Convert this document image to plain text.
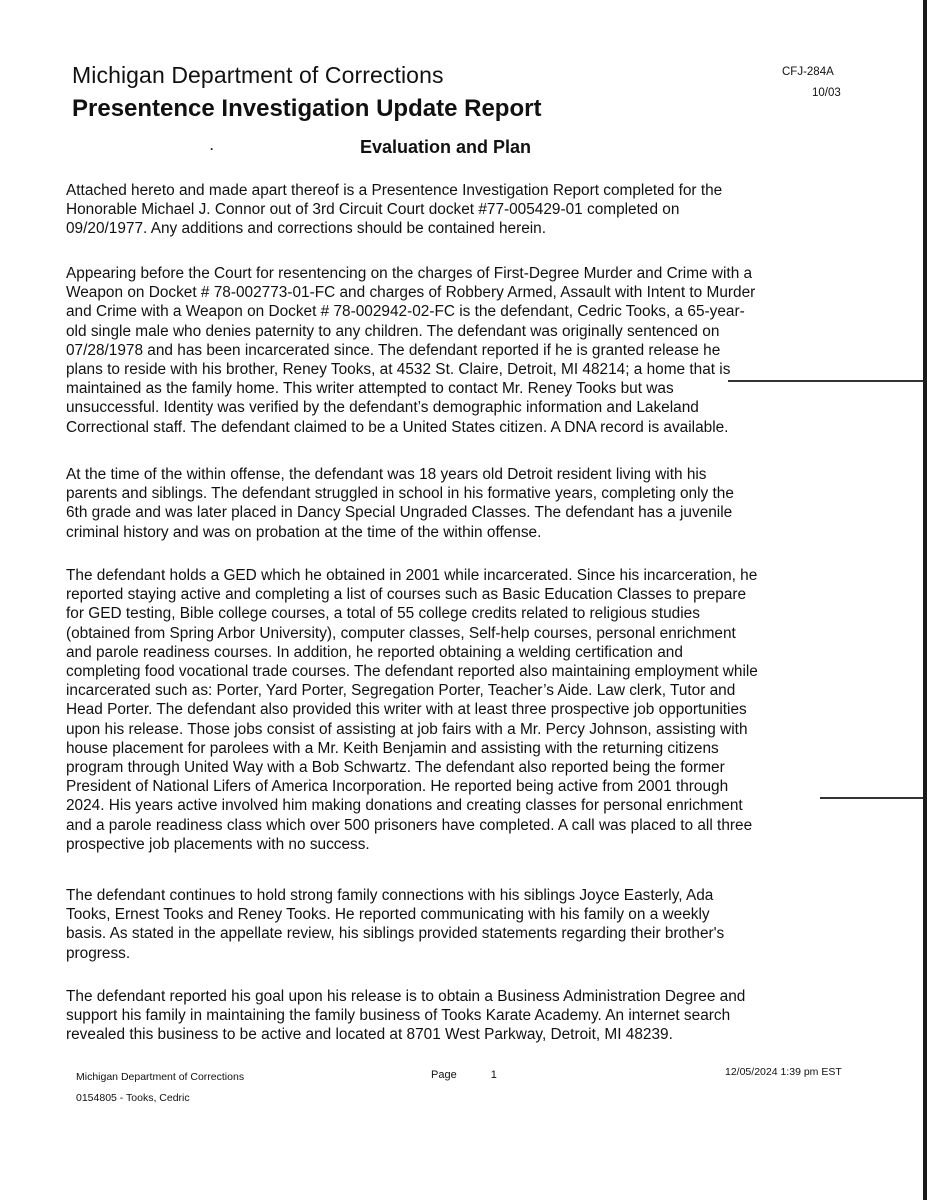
Michigan Department of Corrections
Presentence Investigation Update Report
CFJ-284A
10/03
·	Evaluation and Plan
Attached hereto and made apart thereof is a Presentence Investigation Report completed for the
Honorable Michael J. Connor out of 3rd Circuit Court docket #77-005429-01 completed on
09/20/1977. Any additions and corrections should be contained herein.
Appearing before the Court for resentencing on the charges of First-Degree Murder and Crime with a
Weapon on Docket # 78-002773-01-FC and charges of Robbery Armed, Assault with Intent to Murder
and Crime with a Weapon on Docket # 78-002942-02-FC is the defendant, Cedric Tooks, a 65-year-
old single male who denies paternity to any children. The defendant was originally sentenced on
07/28/1978 and has been incarcerated since. The defendant reported if he is granted release he
plans to reside with his brother, Reney Tooks, at 4532 St. Claire, Detroit, MI 48214; a home that is
maintained as the family home. This writer attempted to contact Mr. Reney Tooks but was
unsuccessful. Identity was verified by the defendant’s demographic information and Lakeland
Correctional staff. The defendant claimed to be a United States citizen. A DNA record is available.
At the time of the within offense, the defendant was 18 years old Detroit resident living with his
parents and siblings. The defendant struggled in school in his formative years, completing only the
6th grade and was later placed in Dancy Special Ungraded Classes. The defendant has a juvenile
criminal history and was on probation at the time of the within offense.
The defendant holds a GED which he obtained in 2001 while incarcerated. Since his incarceration, he
reported staying active and completing a list of courses such as Basic Education Classes to prepare
for GED testing, Bible college courses, a total of 55 college credits related to religious studies
(obtained from Spring Arbor University), computer classes, Self-help courses, personal enrichment
and parole readiness courses. In addition, he reported obtaining a welding certification and
completing food vocational trade courses. The defendant reported also maintaining employment while
incarcerated such as: Porter, Yard Porter, Segregation Porter, Teacher’s Aide. Law clerk, Tutor and
Head Porter. The defendant also provided this writer with at least three prospective job opportunities
upon his release. Those jobs consist of assisting at job fairs with a Mr. Percy Johnson, assisting with
house placement for parolees with a Mr. Keith Benjamin and assisting with the returning citizens
program through United Way with a Bob Schwartz. The defendant also reported being the former
President of National Lifers of America Incorporation. He reported being active from 2001 through
2024. His years active involved him making donations and creating classes for personal enrichment
and a parole readiness class which over 500 prisoners have completed. A call was placed to all three
prospective job placements with no success.
The defendant continues to hold strong family connections with his siblings Joyce Easterly, Ada
Tooks, Ernest Tooks and Reney Tooks. He reported communicating with his family on a weekly
basis. As stated in the appellate review, his siblings provided statements regarding their brother's
progress.
The defendant reported his goal upon his release is to obtain a Business Administration Degree and
support his family in maintaining the family business of Tooks Karate Academy. An internet search
revealed this business to be active and located at 8701 West Parkway, Detroit, MI 48239.
Michigan Department of Corrections	Page	1	12/05/2024 1:39 pm EST
0154805 - Tooks, Cedric
